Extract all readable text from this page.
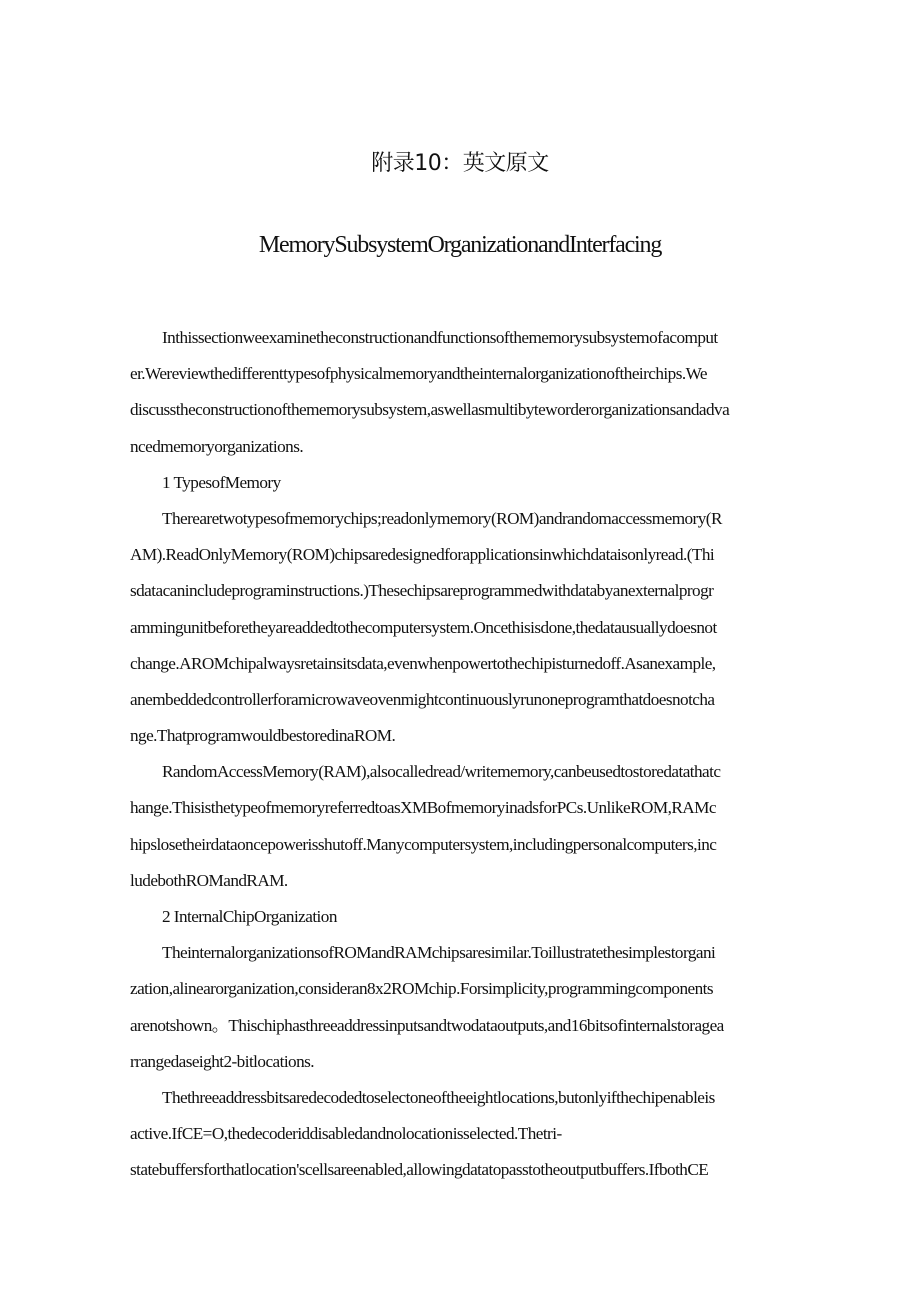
附录10：英文原文
MemorySubsystemOrganizationandInterfacing
Inthissectionweexaminetheconstructionandfunctionsofthememorysubsystemofacomput
er.Wereviewthedifferenttypesofphysicalmemoryandtheinternalorganizationoftheirchips.We
discusstheconstructionofthememorysubsystem,aswellasmultibyteworderorganizationsandadva
ncedmemoryorganizations.
1 TypesofMemory
Therearetwotypesofmemorychips;readonlymemory(ROM)andrandomaccessmemory(R
AM).ReadOnlyMemory(ROM)chipsaredesignedforapplicationsinwhichdataisonlyread.(Thi
sdatacanincludeprograminstructions.)Thesechipsareprogrammedwithdatabyanexternalprogr
ammingunitbeforetheyareaddedtothecomputersystem.Oncethisisdone,thedatausuallydoesnot
change.AROMchipalwaysretainsitsdata,evenwhenpowertothechipisturnedoff.Asanexample,
anembeddedcontrollerforamicrowaveovenmightcontinuouslyrunoneprogramthatdoesnotcha
nge.ThatprogramwouldbestoredinaROM.
RandomAccessMemory(RAM),alsocalledread/writememory,canbeusedtostoredatathatc
hange.ThisisthetypeofmemoryreferredtoasXMBofmemoryinadsforPCs.UnlikeROM,RAMc
hipslosetheirdataoncepowerisshutoff.Manycomputersystem,includingpersonalcomputers,inc
ludebothROMandRAM.
2 InternalChipOrganization
TheinternalorganizationsofROMandRAMchipsaresimilar.Toillustratethesimplestorgani
zation,alinearorganization,consideran8x2ROMchip.Forsimplicity,programmingcomponents
arenotshown。Thischiphasthreeaddressinputsandtwodataoutputs,and16bitsofinternalstoragea
rrangedaseight2-bitlocations.
Thethreeaddressbitsaredecodedtoselectoneoftheeightlocations,butonlyifthechipenableis
active.IfCE=O,thedecoderiddisabledandnolocationisselected.Thetri-
statebuffersforthatlocation'scellsareenabled,allowingdatatopasstotheoutputbuffers.IfbothCE
